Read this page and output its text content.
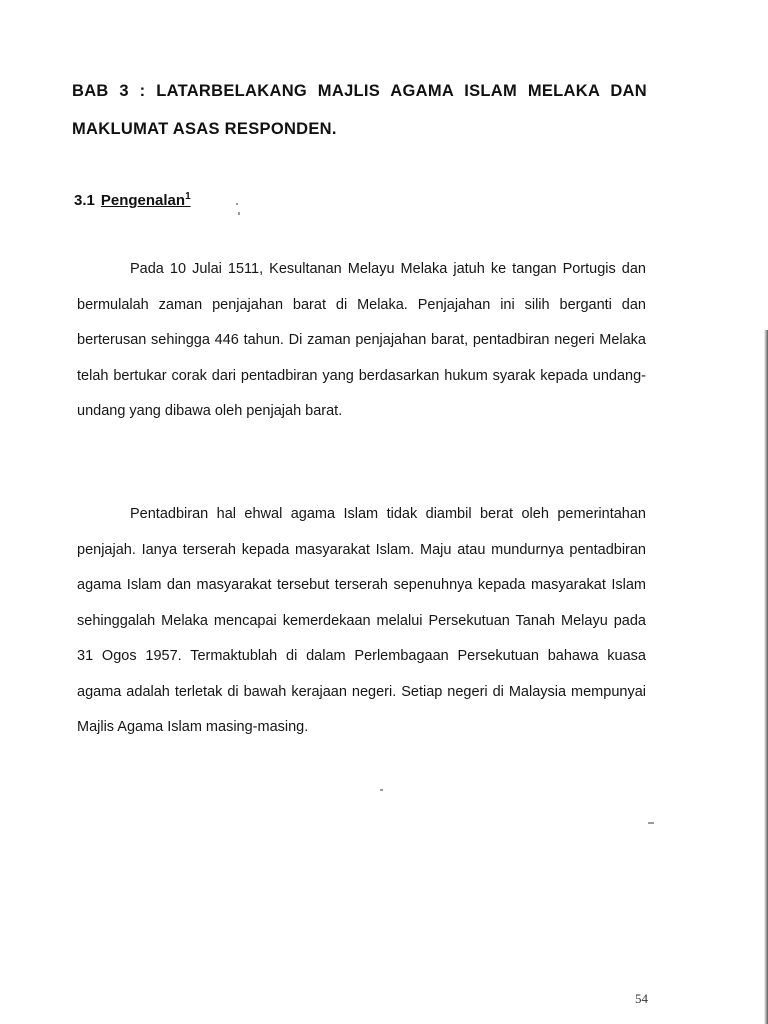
BAB 3 : LATARBELAKANG MAJLIS AGAMA ISLAM MELAKA DAN MAKLUMAT ASAS RESPONDEN.
3.1 Pengenalan$^1$

Pada 10 Julai 1511, Kesultanan Melayu Melaka jatuh ke tangan Portugis dan bermulalah zaman penjajahan barat di Melaka. Penjajahan ini silih berganti dan berterusan sehingga 446 tahun. Di zaman penjajahan barat, pentadbiran negeri Melaka telah bertukar corak dari pentadbiran yang berdasarkan hukum syarak kepada undang-undang yang dibawa oleh penjajah barat.

Pentadbiran hal ehwal agama Islam tidak diambil berat oleh pemerintahan penjajah. Ianya terserah kepada masyarakat Islam. Maju atau mundurnya pentadbiran agama Islam dan masyarakat tersebut terserah sepenuhnya kepada masyarakat Islam sehinggalah Melaka mencapai kemerdekaan melalui Persekutuan Tanah Melayu pada 31 Ogos 1957. Termaktublah di dalam Perlembagaan Persekutuan bahawa kuasa agama adalah terletak di bawah kerajaan negeri. Setiap negeri di Malaysia mempunyai Majlis Agama Islam masing-masing.

54
